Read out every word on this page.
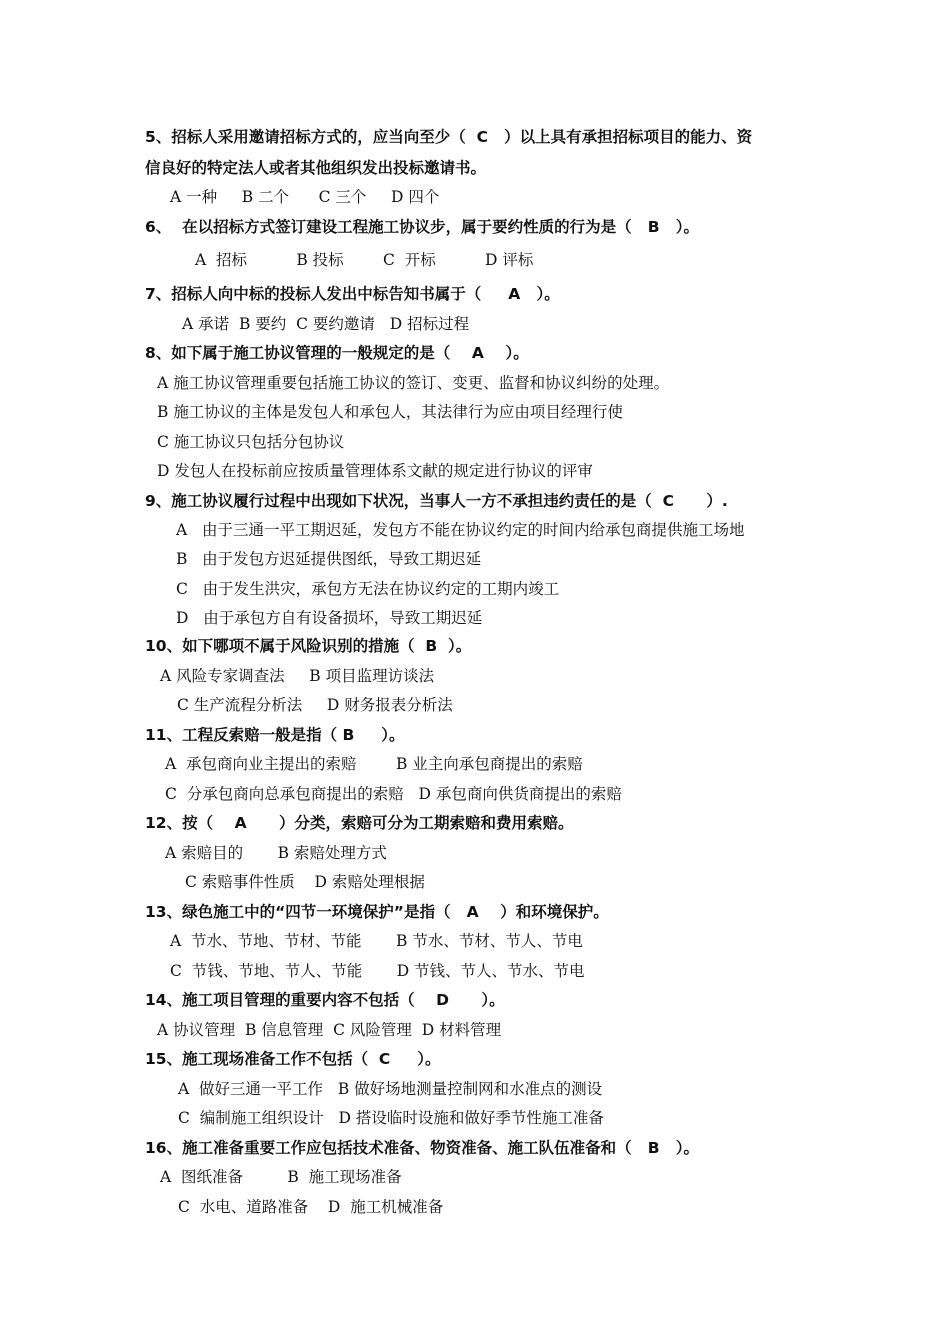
5、招标人采用邀请招标方式的，应当向至少（  C   ）以上具有承担招标项目的能力、资
信良好的特定法人或者其他组织发出投标邀请书。
A 一种     B 二个      C 三个     D 四个
6、  在以招标方式签订建设工程施工协议步，属于要约性质的行为是（   B   ）。
A  招标          B 投标        C  开标          D 评标
7、招标人向中标的投标人发出中标告知书属于（     A   ）。
A 承诺  B 要约  C 要约邀请   D 招标过程
8、如下属于施工协议管理的一般规定的是（    A    ）。
A 施工协议管理重要包括施工协议的签订、变更、监督和协议纠纷的处理。
B 施工协议的主体是发包人和承包人，其法律行为应由项目经理行使
C 施工协议只包括分包协议
D 发包人在投标前应按质量管理体系文献的规定进行协议的评审
9、施工协议履行过程中出现如下状况，当事人一方不承担违约责任的是（  C      ）.
A   由于三通一平工期迟延，发包方不能在协议约定的时间内给承包商提供施工场地
B   由于发包方迟延提供图纸，导致工期迟延
C   由于发生洪灾，承包方无法在协议约定的工期内竣工
D   由于承包方自有设备损坏，导致工期迟延
10、如下哪项不属于风险识别的措施（  B  ）。
A 风险专家调查法     B 项目监理访谈法
C 生产流程分析法     D 财务报表分析法
11、工程反索赔一般是指（ B     ）。
A  承包商向业主提出的索赔        B 业主向承包商提出的索赔
C  分承包商向总承包商提出的索赔   D 承包商向供货商提出的索赔
12、按（    A      ）分类，索赔可分为工期索赔和费用索赔。
A 索赔目的       B 索赔处理方式
C 索赔事件性质    D 索赔处理根据
13、绿色施工中的“四节一环境保护”是指（   A    ）和环境保护。
A  节水、节地、节材、节能       B 节水、节材、节人、节电
C  节钱、节地、节人、节能       D 节钱、节人、节水、节电
14、施工项目管理的重要内容不包括（    D      ）。
A 协议管理  B 信息管理  C 风险管理  D 材料管理
15、施工现场准备工作不包括（  C     ）。
A  做好三通一平工作   B 做好场地测量控制网和水准点的测设
C  编制施工组织设计   D 搭设临时设施和做好季节性施工准备
16、施工准备重要工作应包括技术准备、物资准备、施工队伍准备和（   B   ）。
A  图纸准备         B  施工现场准备
C  水电、道路准备    D  施工机械准备
